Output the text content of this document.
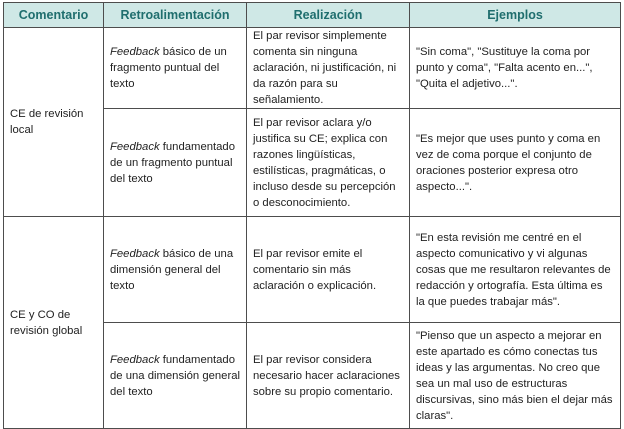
Comentario	Retroalimentación	Realización	Ejemplos
CE de revisión local	Feedback básico de un fragmento puntual del texto	El par revisor simplemente comenta sin ninguna aclaración, ni justificación, ni da razón para su señalamiento.	"Sin coma", "Sustituye la coma por punto y coma", "Falta acento en...", "Quita el adjetivo...".
	Feedback fundamentado de un fragmento puntual del texto	El par revisor aclara y/o justifica su CE; explica con razones lingüísticas, estilísticas, pragmáticas, o incluso desde su percepción o desconocimiento.	"Es mejor que uses punto y coma en vez de coma porque el conjunto de oraciones posterior expresa otro aspecto...".
CE y CO de revisión global	Feedback básico de una dimensión general del texto	El par revisor emite el comentario sin más aclaración o explicación.	"En esta revisión me centré en el aspecto comunicativo y vi algunas cosas que me resultaron relevantes de redacción y ortografía. Esta última es la que puedes trabajar más".
	Feedback fundamentado de una dimensión general del texto	El par revisor considera necesario hacer aclaraciones sobre su propio comentario.	"Pienso que un aspecto a mejorar en este apartado es cómo conectas tus ideas y las argumentas. No creo que sea un mal uso de estructuras discursivas, sino más bien el dejar más claras".
